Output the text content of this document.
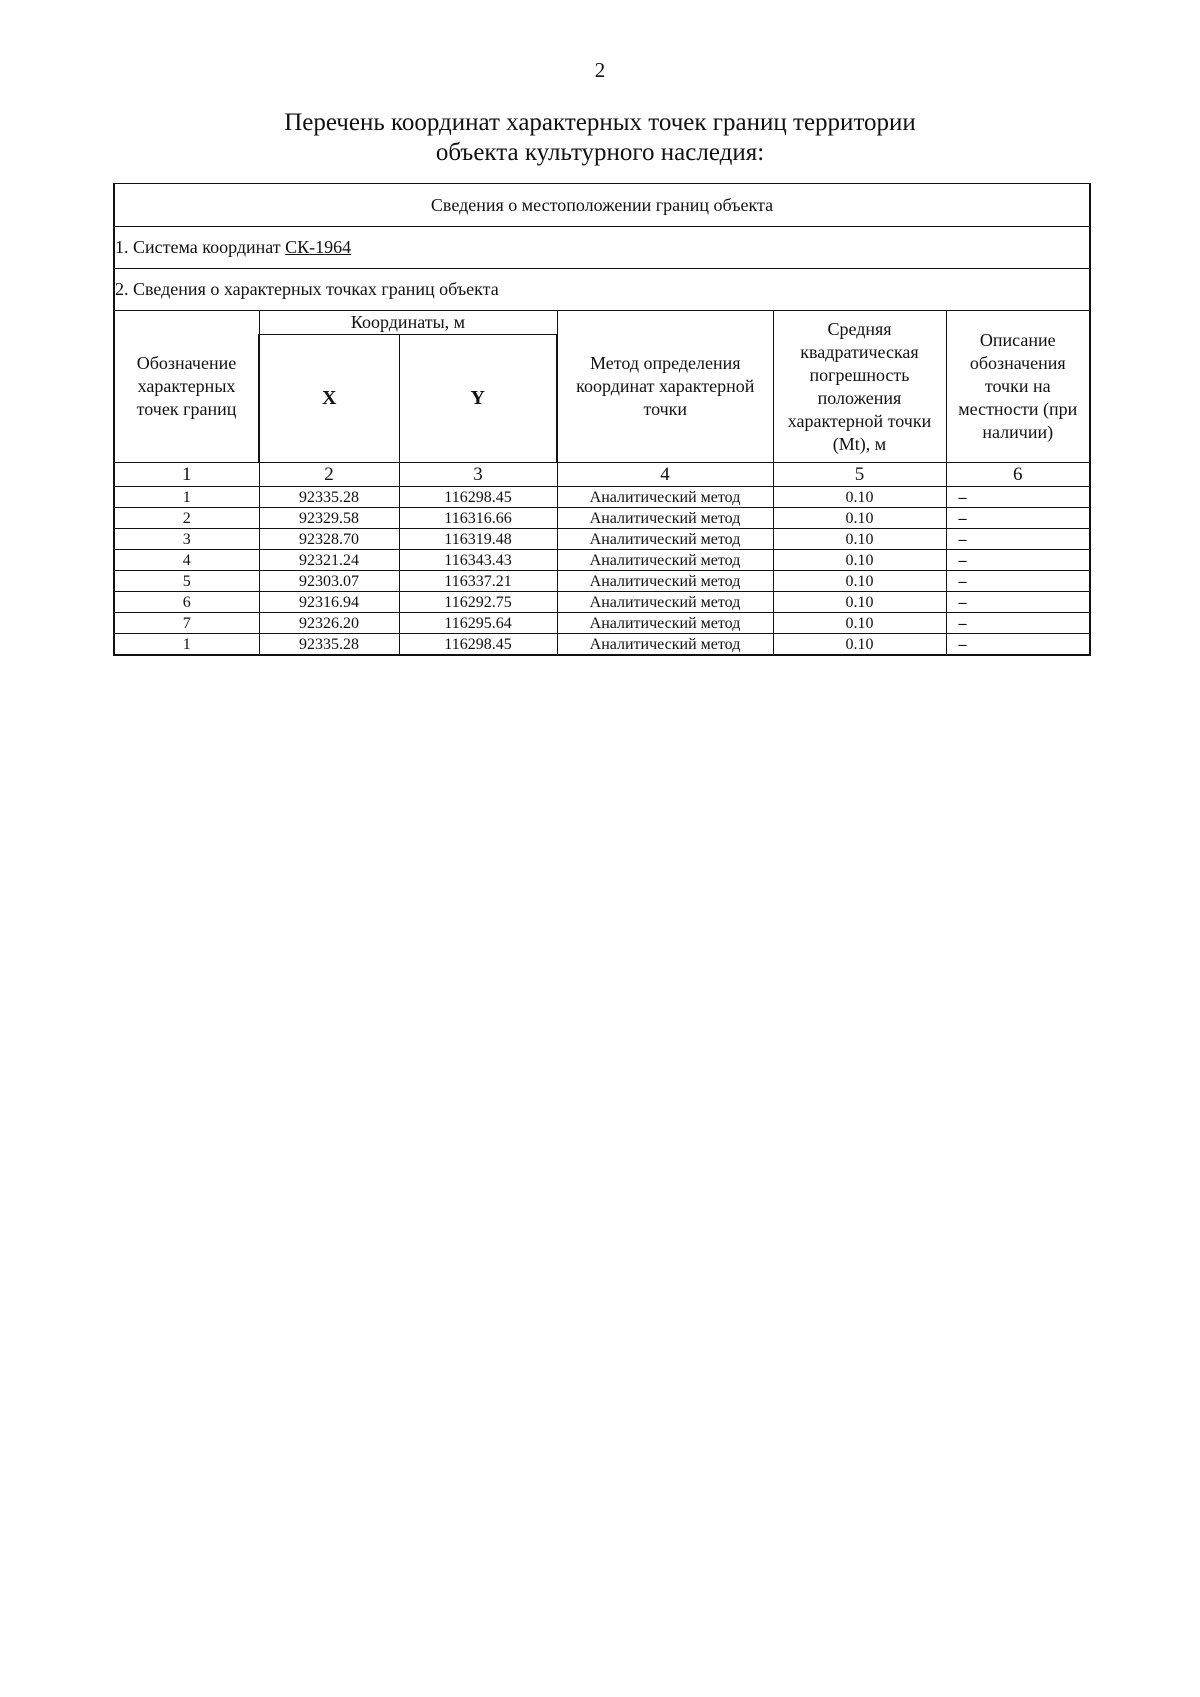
2
Перечень координат характерных точек границ территории
объекта культурного наследия:
Сведения о местоположении границ объекта					
1. Система координат СК-1964					
2. Сведения о характерных точках границ объекта					
Обозначение характерных точек границ	Координаты, м		Метод определения координат характерной точки	Средняя квадратическая погрешность положения характерной точки (Mt), м	Описание обозначения точки на местности (при наличии)
	X	Y			
1	2	3	4	5	6
1	92335.28	116298.45	Аналитический метод	0.10	–
2	92329.58	116316.66	Аналитический метод	0.10	–
3	92328.70	116319.48	Аналитический метод	0.10	–
4	92321.24	116343.43	Аналитический метод	0.10	–
5	92303.07	116337.21	Аналитический метод	0.10	–
6	92316.94	116292.75	Аналитический метод	0.10	–
7	92326.20	116295.64	Аналитический метод	0.10	–
1	92335.28	116298.45	Аналитический метод	0.10	–
